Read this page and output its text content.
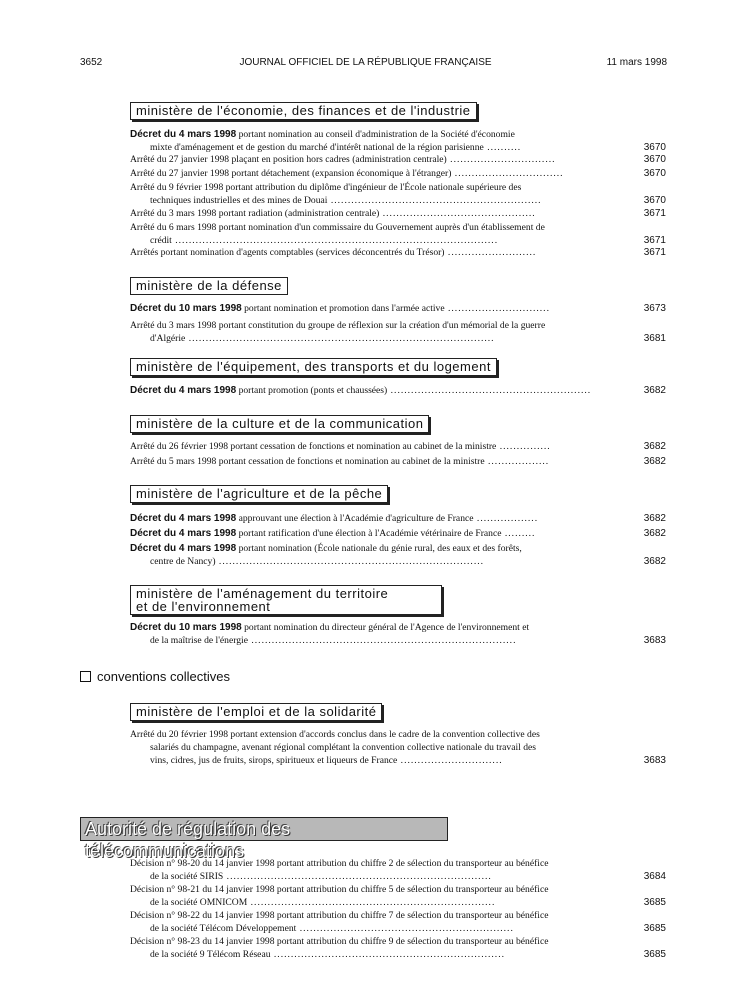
3652	JOURNAL OFFICIEL DE LA RÉPUBLIQUE FRANÇAISE	11 mars 1998
ministère de l'économie, des finances et de l'industrie
Décret du 4 mars 1998 portant nomination au conseil d'administration de la Société d'économie
mixte d'aménagement et de gestion du marché d'intérêt national de la région parisienne ..........	3670
Arrêté du 27 janvier 1998 plaçant en position hors cadres (administration centrale) ...............................	3670
Arrêté du 27 janvier 1998 portant détachement (expansion économique à l'étranger) ................................	3670
Arrêté du 9 février 1998 portant attribution du diplôme d'ingénieur de l'École nationale supérieure des
techniques industrielles et des mines de Douai ..............................................................	3670
Arrêté du 3 mars 1998 portant radiation (administration centrale) .............................................	3671
Arrêté du 6 mars 1998 portant nomination d'un commissaire du Gouvernement auprès d'un établissement de
crédit ...............................................................................................	3671
Arrêtés portant nomination d'agents comptables (services déconcentrés du Trésor) ..........................	3671
ministère de la défense
Décret du 10 mars 1998 portant nomination et promotion dans l'armée active ..............................	3673
Arrêté du 3 mars 1998 portant constitution du groupe de réflexion sur la création d'un mémorial de la guerre
d'Algérie ..........................................................................................	3681
ministère de l'équipement, des transports et du logement
Décret du 4 mars 1998 portant promotion (ponts et chaussées) ...........................................................	3682
ministère de la culture et de la communication
Arrêté du 26 février 1998 portant cessation de fonctions et nomination au cabinet de la ministre ...............	3682
Arrêté du 5 mars 1998 portant cessation de fonctions et nomination au cabinet de la ministre ..................	3682
ministère de l'agriculture et de la pêche
Décret du 4 mars 1998 approuvant une élection à l'Académie d'agriculture de France ..................	3682
Décret du 4 mars 1998 portant ratification d'une élection à l'Académie vétérinaire de France .........	3682
Décret du 4 mars 1998 portant nomination (École nationale du génie rural, des eaux et des forêts,
centre de Nancy) ..............................................................................	3682
ministère de l'aménagement du territoire
et de l'environnement
Décret du 10 mars 1998 portant nomination du directeur général de l'Agence de l'environnement et
de la maîtrise de l'énergie ..............................................................................	3683
conventions collectives
ministère de l'emploi et de la solidarité
Arrêté du 20 février 1998 portant extension d'accords conclus dans le cadre de la convention collective des
salariés du champagne, avenant régional complétant la convention collective nationale du travail des
vins, cidres, jus de fruits, sirops, spiritueux et liqueurs de France ..............................	3683
Autorité de régulation des télécommunications
Décision n° 98-20 du 14 janvier 1998 portant attribution du chiffre 2 de sélection du transporteur au bénéfice
de la société SIRIS ..............................................................................	3684
Décision n° 98-21 du 14 janvier 1998 portant attribution du chiffre 5 de sélection du transporteur au bénéfice
de la société OMNICOM ........................................................................	3685
Décision n° 98-22 du 14 janvier 1998 portant attribution du chiffre 7 de sélection du transporteur au bénéfice
de la société Télécom Développement ...............................................................	3685
Décision n° 98-23 du 14 janvier 1998 portant attribution du chiffre 9 de sélection du transporteur au bénéfice
de la société 9 Télécom Réseau ....................................................................	3685
